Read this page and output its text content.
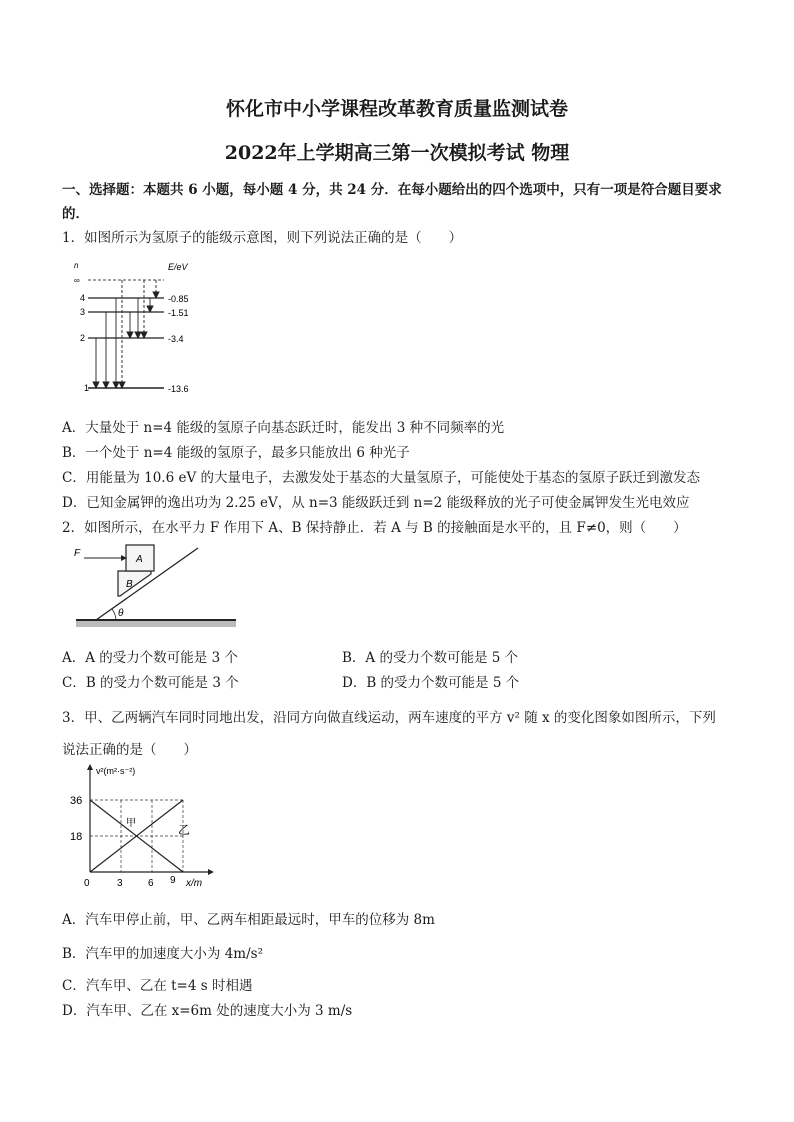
怀化市中小学课程改革教育质量监测试卷
2022年上学期高三第一次模拟考试 物理
一、选择题：本题共 6 小题，每小题 4 分，共 24 分．在每小题给出的四个选项中，只有一项是符合题目要求
的．
1．如图所示为氢原子的能级示意图，则下列说法正确的是（　　）
n	E/eV
∞
4	-0.85
3	-1.51
2	-3.4
1	-13.6
A．大量处于 n=4 能级的氢原子向基态跃迁时，能发出 3 种不同频率的光
B．一个处于 n=4 能级的氢原子，最多只能放出 6 种光子
C．用能量为 10.6 eV 的大量电子，去激发处于基态的大量氢原子，可能使处于基态的氢原子跃迁到激发态
D．已知金属钾的逸出功为 2.25 eV，从 n=3 能级跃迁到 n=2 能级释放的光子可使金属钾发生光电效应
2．如图所示，在水平力 F 作用下 A、B 保持静止．若 A 与 B 的接触面是水平的，且 F≠0，则（　　）
θ
B
A
F
A．A 的受力个数可能是 3 个	B．A 的受力个数可能是 5 个
C．B 的受力个数可能是 3 个	D．B 的受力个数可能是 5 个
3．甲、乙两辆汽车同时同地出发，沿同方向做直线运动，两车速度的平方 v² 随 x 的变化图象如图所示，下列
说法正确的是（　　）
v²(m²·s⁻²)
x/m
36
18
0	3	6 9
甲	乙
A．汽车甲停止前，甲、乙两车相距最远时，甲车的位移为 8m
B．汽车甲的加速度大小为 4m/s²
C．汽车甲、乙在 t=4 s 时相遇
D．汽车甲、乙在 x=6m 处的速度大小为 3 m/s
